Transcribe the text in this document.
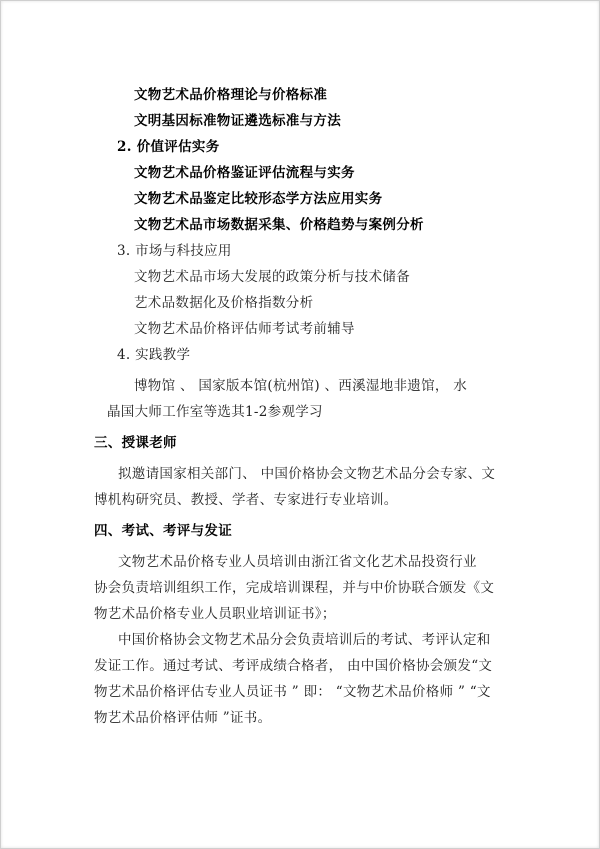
文物艺术品价格理论与价格标准
文明基因标准物证遴选标准与方法
2. 价值评估实务
文物艺术品价格鉴证评估流程与实务
文物艺术品鉴定比较形态学方法应用实务
文物艺术品市场数据采集、价格趋势与案例分析
3. 市场与科技应用
文物艺术品市场大发展的政策分析与技术储备
艺术品数据化及价格指数分析
文物艺术品价格评估师考试考前辅导
4. 实践教学
博物馆 、 国家版本馆(杭州馆) 、西溪湿地非遗馆， 水
晶国大师工作室等选其1-2参观学习
三、授课老师
拟邀请国家相关部门、 中国价格协会文物艺术品分会专家、文
博机构研究员、教授、学者、专家进行专业培训。
四、考试、考评与发证
文物艺术品价格专业人员培训由浙江省文化艺术品投资行业
协会负责培训组织工作，完成培训课程，并与中价协联合颁发《文
物艺术品价格专业人员职业培训证书》；
中国价格协会文物艺术品分会负责培训后的考试、考评认定和
发证工作。通过考试、考评成绩合格者， 由中国价格协会颁发“文
物艺术品价格评估专业人员证书 ” 即： “文物艺术品价格师 ” “文
物艺术品价格评估师 ”证书。
